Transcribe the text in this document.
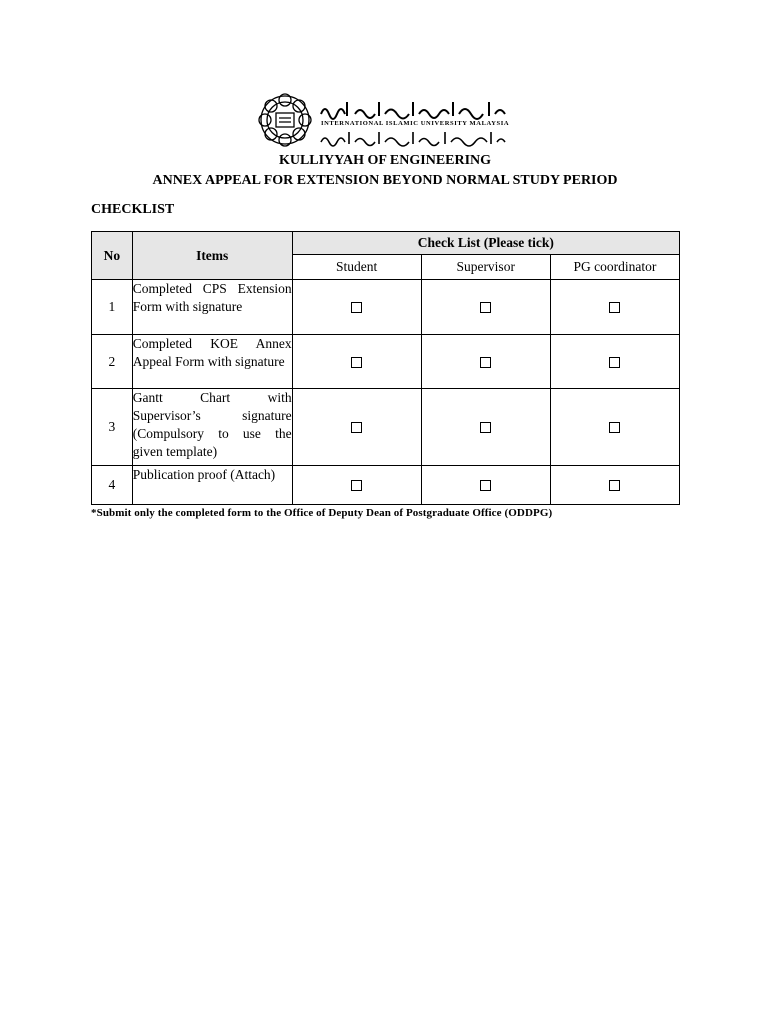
INTERNATIONAL ISLAMIC UNIVERSITY MALAYSIA
KULLIYYAH OF ENGINEERING
ANNEX APPEAL FOR EXTENSION BEYOND NORMAL STUDY PERIOD
CHECKLIST
No	Items	Check List (Please tick)		
		Student	Supervisor	PG coordinator
1	Completed CPS Extension Form with signature			
2	Completed KOE Annex Appeal Form with signature			
3	Gantt Chart with Supervisor’s signature (Compulsory to use the given template)			
4	Publication proof (Attach)			
*Submit only the completed form to the Office of Deputy Dean of Postgraduate Office (ODDPG)
